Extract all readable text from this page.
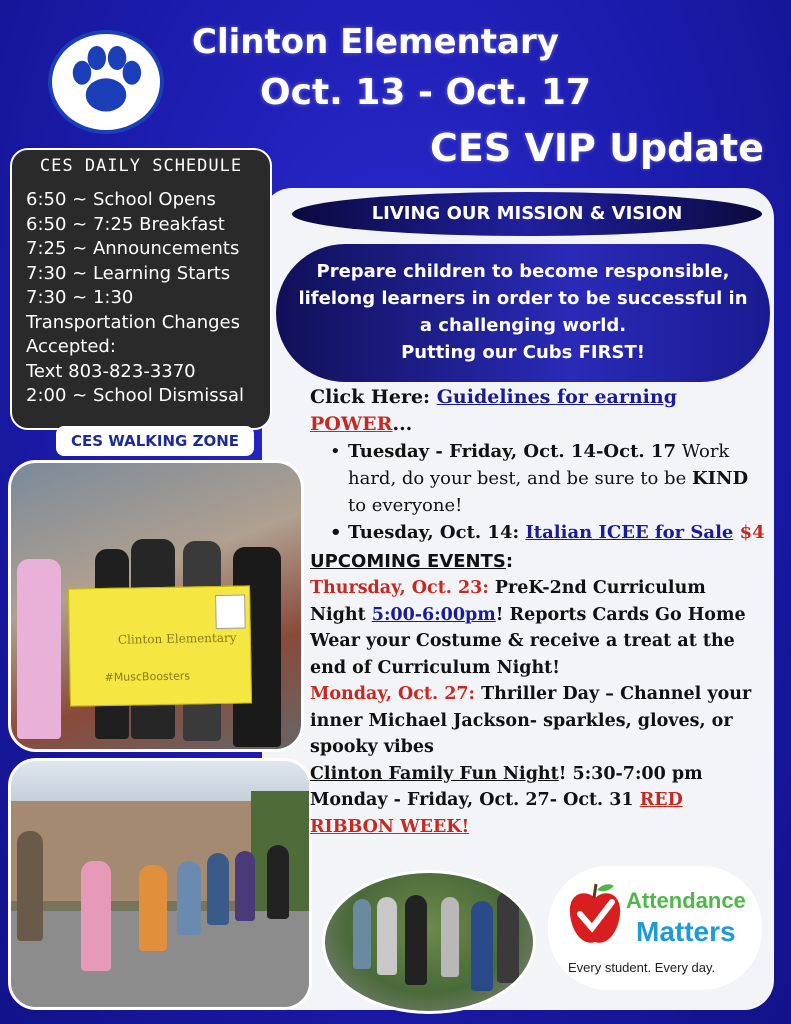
Clinton Elementary
Oct. 13 - Oct. 17
CES VIP Update
CES DAILY SCHEDULE
6:50 ~ School Opens
6:50 ~ 7:25 Breakfast
7:25 ~ Announcements
7:30 ~ Learning Starts
7:30 ~ 1:30
Transportation Changes
Accepted:
Text 803-823-3370
2:00 ~ School Dismissal
CES WALKING ZONE
Clinton Elementary
#MuscBoosters
LIVING OUR MISSION & VISION
Prepare children to become responsible,
lifelong learners in order to be successful in
a challenging world.
Putting our Cubs FIRST!
Click Here: Guidelines for earning
POWER...
• Tuesday - Friday, Oct. 14-Oct. 17 Work hard, do your best, and be sure to be KIND to everyone!
• Tuesday, Oct. 14: Italian ICEE for Sale $4
UPCOMING EVENTS:
Thursday, Oct. 23: PreK-2nd Curriculum Night 5:00-6:00pm! Reports Cards Go Home Wear your Costume & receive a treat at the end of Curriculum Night!
Monday, Oct. 27: Thriller Day – Channel your inner Michael Jackson- sparkles, gloves, or spooky vibes
Clinton Family Fun Night! 5:30-7:00 pm
Monday - Friday, Oct. 27- Oct. 31 RED RIBBON WEEK!
Attendance
Matters
Every student. Every day.
